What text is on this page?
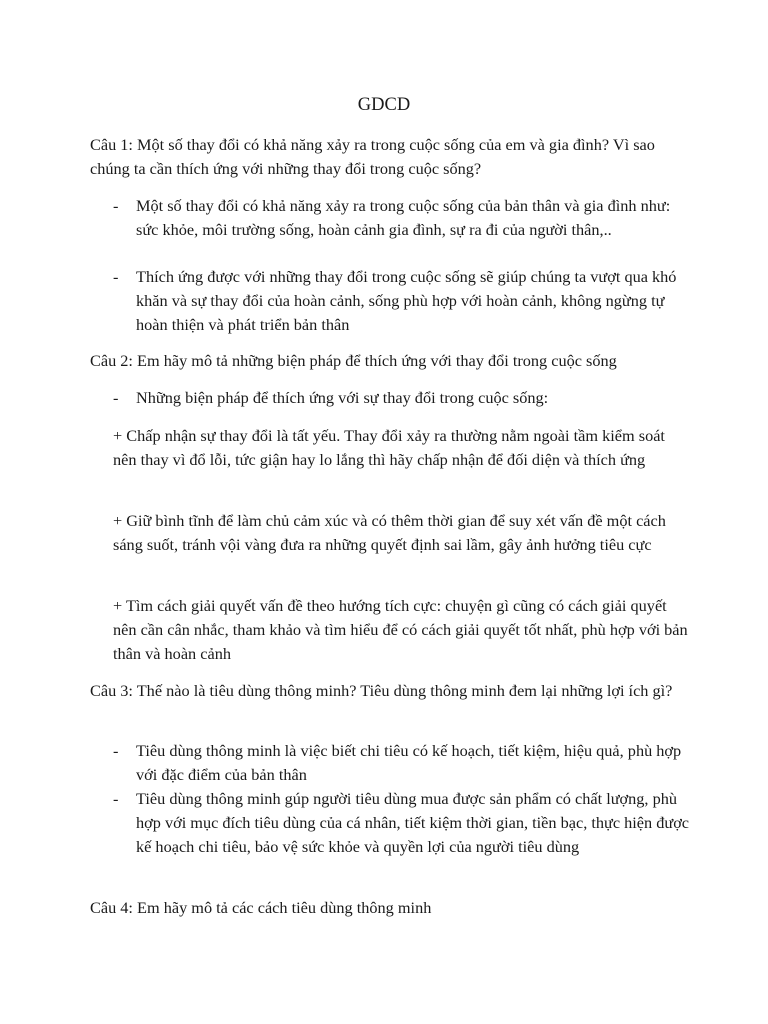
GDCD
Câu 1: Một số thay đổi có khả năng xảy ra trong cuộc sống của em và gia đình? Vì sao chúng ta cần thích ứng với những thay đổi trong cuộc sống?
- Một số thay đổi có khả năng xảy ra trong cuộc sống của bản thân và gia đình như: sức khỏe, môi trường sống, hoàn cảnh gia đình, sự ra đi của người thân,..
- Thích ứng được với những thay đổi trong cuộc sống sẽ giúp chúng ta vượt qua khó khăn và sự thay đổi của hoàn cảnh, sống phù hợp với hoàn cảnh, không ngừng tự hoàn thiện và phát triển bản thân
Câu 2: Em hãy mô tả những biện pháp để thích ứng với thay đổi trong cuộc sống
- Những biện pháp để thích ứng với sự thay đổi trong cuộc sống:
+ Chấp nhận sự thay đổi là tất yếu. Thay đổi xảy ra thường nằm ngoài tầm kiểm soát nên thay vì đổ lỗi, tức giận hay lo lắng thì hãy chấp nhận để đối diện và thích ứng
+ Giữ bình tĩnh để làm chủ cảm xúc và có thêm thời gian để suy xét vấn đề một cách sáng suốt, tránh vội vàng đưa ra những quyết định sai lầm, gây ảnh hưởng tiêu cực
+ Tìm cách giải quyết vấn đề theo hướng tích cực: chuyện gì cũng có cách giải quyết nên cần cân nhắc, tham khảo và tìm hiểu để có cách giải quyết tốt nhất, phù hợp với bản thân và hoàn cảnh
Câu 3: Thế nào là tiêu dùng thông minh? Tiêu dùng thông minh đem lại những lợi ích gì?
- Tiêu dùng thông minh là việc biết chi tiêu có kế hoạch, tiết kiệm, hiệu quả, phù hợp với đặc điểm của bản thân
- Tiêu dùng thông minh gúp người tiêu dùng mua được sản phẩm có chất lượng, phù hợp với mục đích tiêu dùng của cá nhân, tiết kiệm thời gian, tiền bạc, thực hiện được kế hoạch chi tiêu, bảo vệ sức khỏe và quyền lợi của người tiêu dùng
Câu 4: Em hãy mô tả các cách tiêu dùng thông minh
